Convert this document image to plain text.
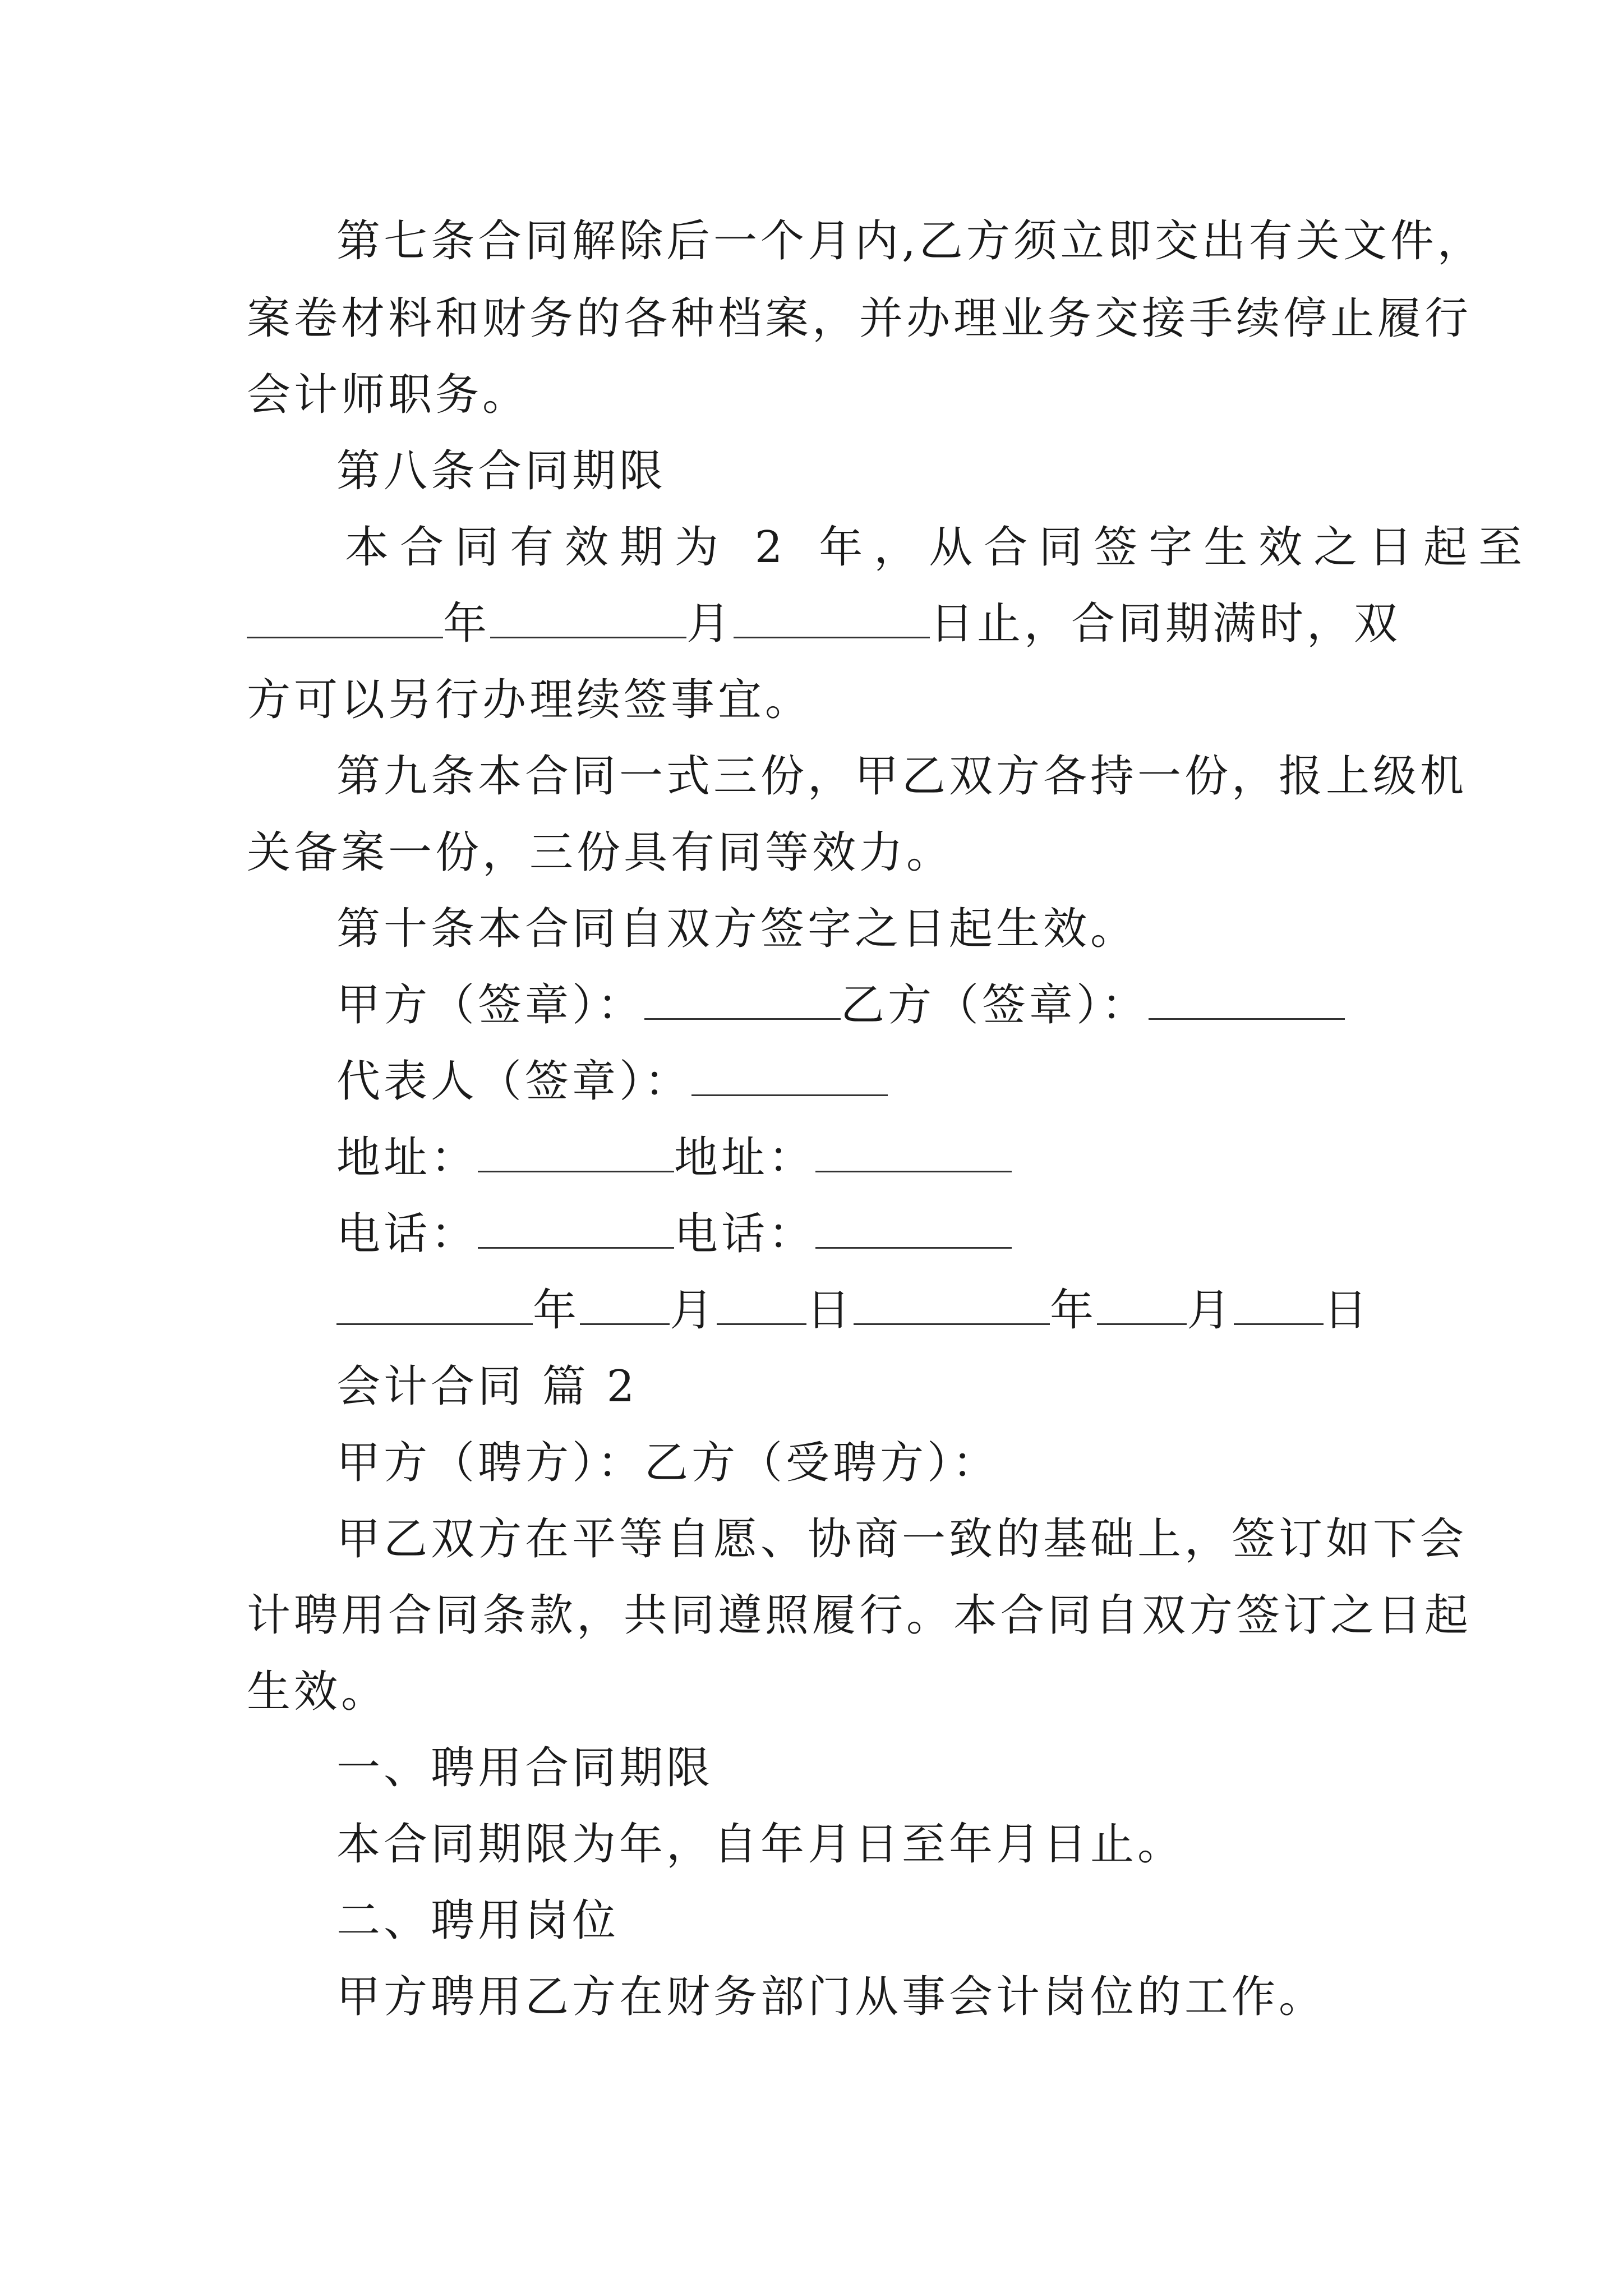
第七条合同解除后一个月内,乙方须立即交出有关文件，
案卷材料和财务的各种档案，并办理业务交接手续停止履行
会计师职务。
第八条合同期限
本合同有效期为 2 年，从合同签字生效之日起至
年	月	日止，合同期满时，双
方可以另行办理续签事宜。
第九条本合同一式三份，甲乙双方各持一份，报上级机
关备案一份，三份具有同等效力。
第十条本合同自双方签字之日起生效。
甲方（签章）：	乙方（签章）：
代表人（签章）：
地址：	地址：
电话：	电话：
年 月 日	年 月 日
会计合同 篇 2
甲方（聘方）：乙方（受聘方）：
甲乙双方在平等自愿、协商一致的基础上，签订如下会
计聘用合同条款，共同遵照履行。本合同自双方签订之日起
生效。
一、聘用合同期限
本合同期限为年，自年月日至年月日止。
二、聘用岗位
甲方聘用乙方在财务部门从事会计岗位的工作。
